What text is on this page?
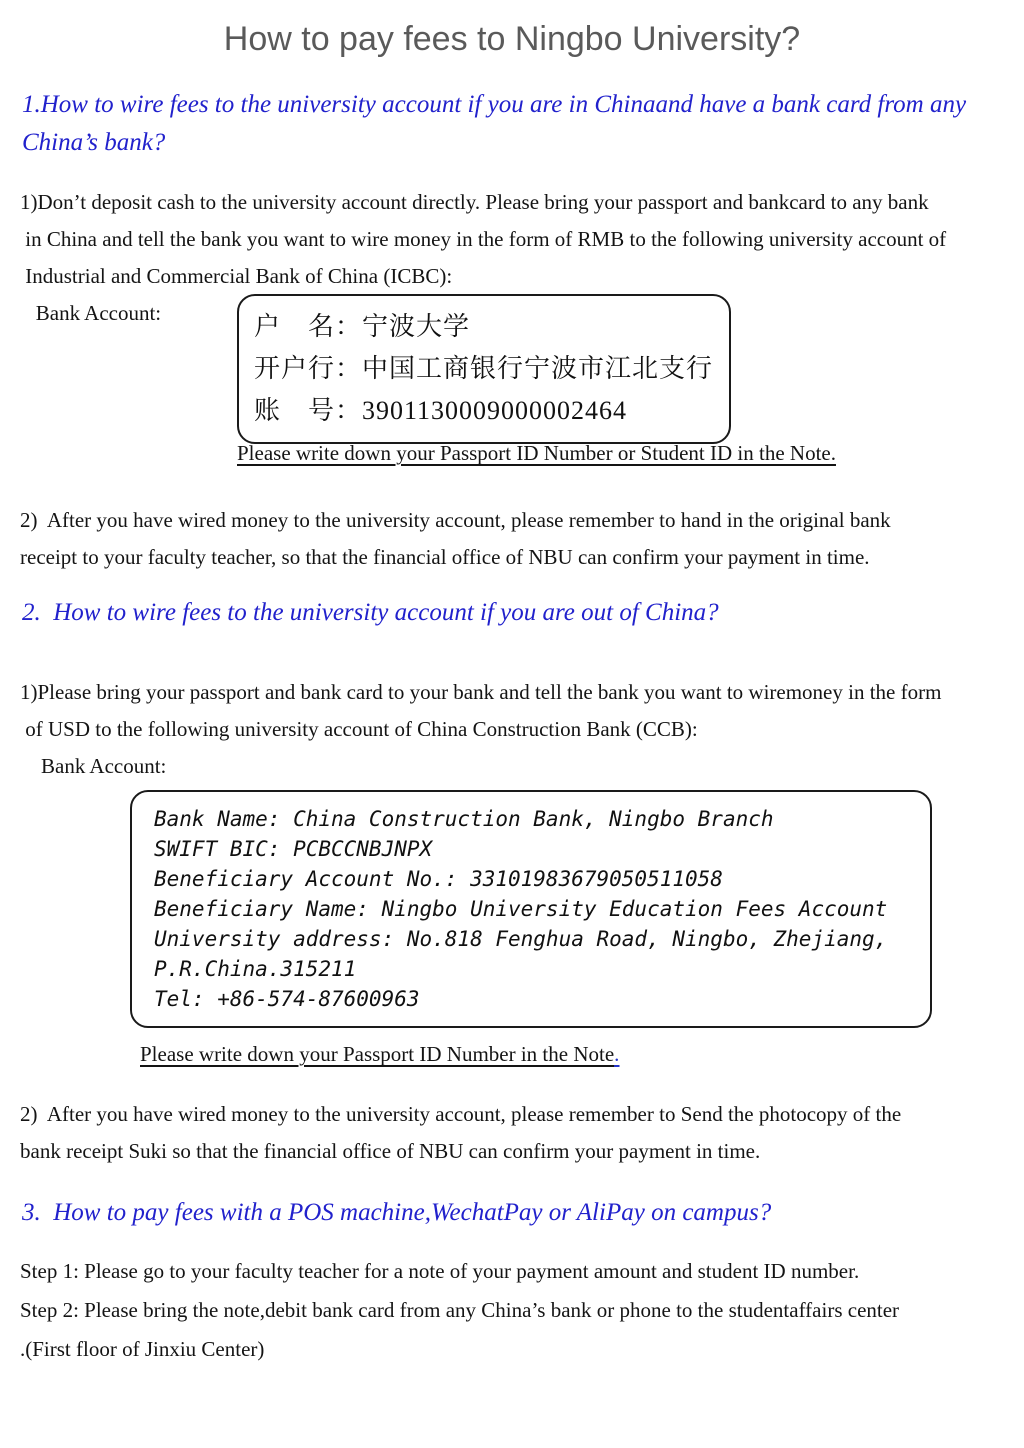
How to pay fees to Ningbo University?
1.How to wire fees to the university account if you are in Chinaand have a bank card from any China’s bank?
1)Don’t deposit cash to the university account directly. Please bring your passport and bankcard to any bank
in China and tell the bank you want to wire money in the form of RMB to the following university account of
Industrial and Commercial Bank of China (ICBC):
Bank Account:	户　名：宁波大学
开户行：中国工商银行宁波市江北支行
账　号：3901130009000002464
Please write down your Passport ID Number or Student ID in the Note.
2)  After you have wired money to the university account, please remember to hand in the original bank
receipt to your faculty teacher, so that the financial office of NBU can confirm your payment in time.
2.  How to wire fees to the university account if you are out of China?
1)Please bring your passport and bank card to your bank and tell the bank you want to wiremoney in the form
of USD to the following university account of China Construction Bank (CCB):
Bank Account:
Bank Name: China Construction Bank, Ningbo Branch
SWIFT BIC: PCBCCNBJNPX
Beneficiary Account No.: 33101983679050511058
Beneficiary Name: Ningbo University Education Fees Account
University address: No.818 Fenghua Road, Ningbo, Zhejiang,
P.R.China.315211
Tel: +86-574-87600963
Please write down your Passport ID Number in the Note.
2)  After you have wired money to the university account, please remember to Send the photocopy of the
bank receipt Suki so that the financial office of NBU can confirm your payment in time.
3.  How to pay fees with a POS machine,WechatPay or AliPay on campus?
Step 1: Please go to your faculty teacher for a note of your payment amount and student ID number.
Step 2: Please bring the note,debit bank card from any China’s bank or phone to the studentaffairs center
.(First floor of Jinxiu Center)
